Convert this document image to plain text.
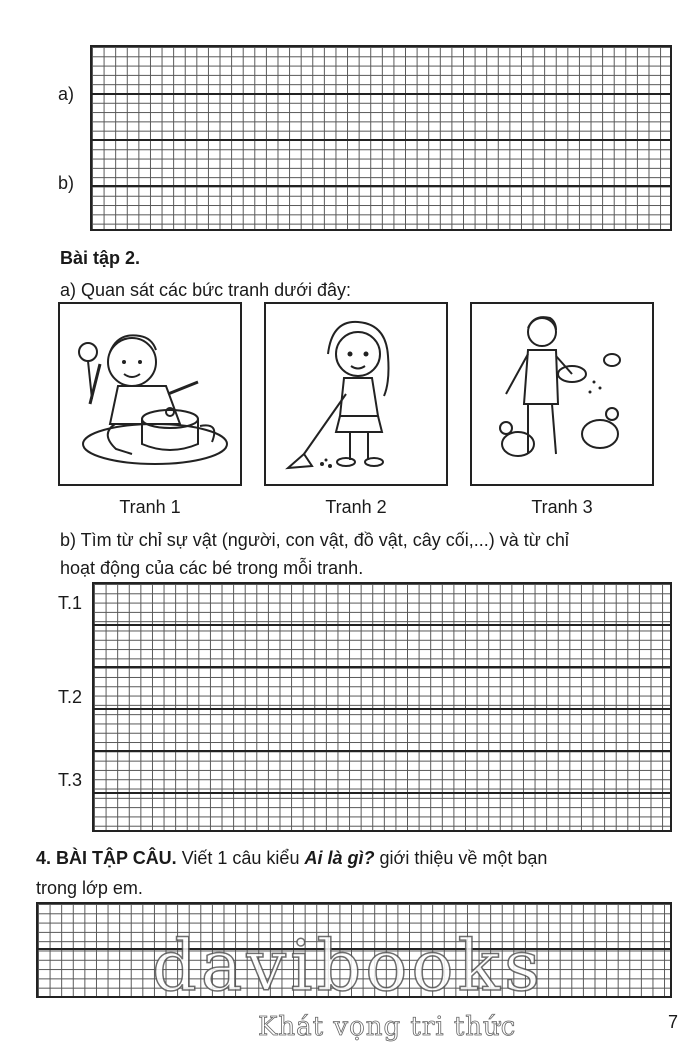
a)
b)
Bài tập 2.
a) Quan sát các bức tranh dưới đây:
Tranh 1	Tranh 2	Tranh 3
b) Tìm từ chỉ sự vật (người, con vật, đồ vật, cây cối,...) và từ chỉ
hoạt động của các bé trong mỗi tranh.
T.1
T.2
T.3
4. BÀI TẬP CÂU. Viết 1 câu kiểu Ai là gì? giới thiệu về một bạn
trong lớp em.
davibooks
Khát vọng tri thức	7
